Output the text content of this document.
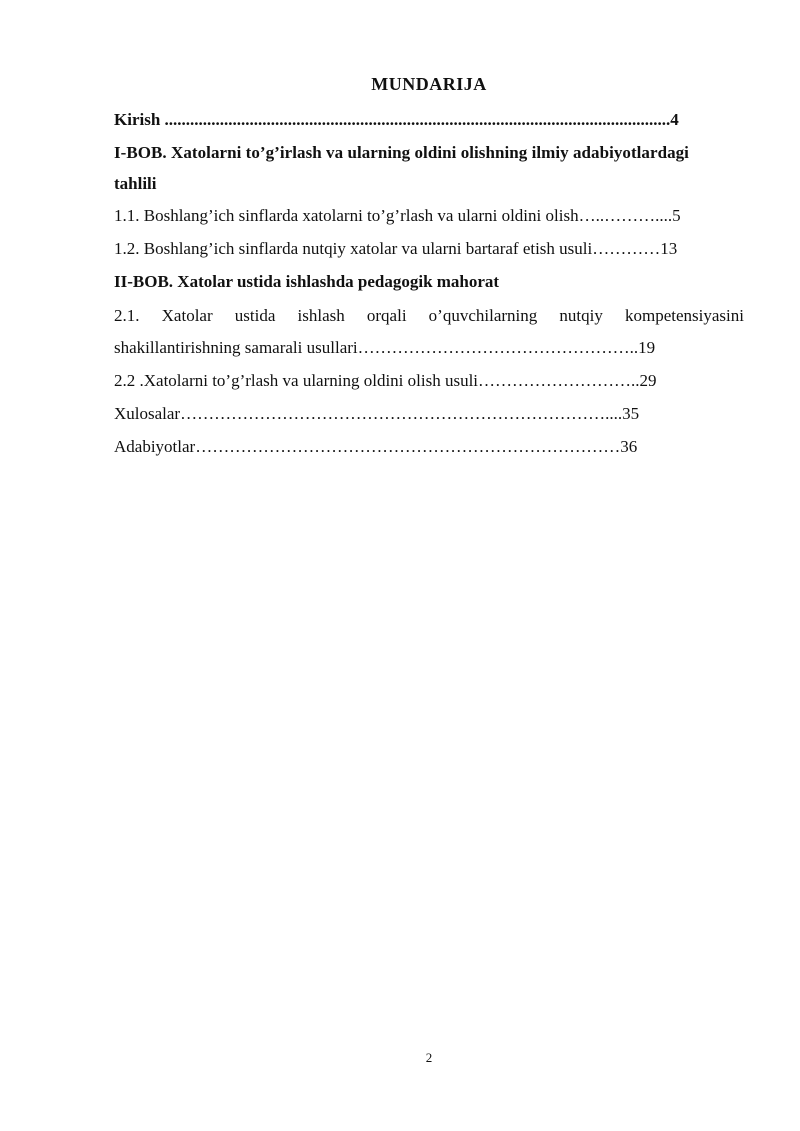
MUNDARIJA
Kirish .......................................................................................................................4
I-BOB. Xatolarni to’g’irlash va ularning oldini olishning ilmiy adabiyotlardagi
tahlili
1.1. Boshlang’ich sinflarda xatolarni to’g’rlash va ularni oldini olish…..………....5
1.2. Boshlang’ich sinflarda nutqiy xatolar va ularni bartaraf etish usuli…………13
II-BOB. Xatolar ustida ishlashda pedagogik mahorat
2.1. Xatolar ustida ishlash orqali o’quvchilarning nutqiy kompetensiyasini
shakillantirishning samarali usullari…………………………………………..19
2.2 .Xatolarni to’g’rlash va ularning oldini olish usuli………………………..29
Xulosalar…………………………………………………………………....35
Adabiyotlar…………………………………………………………………36
2
